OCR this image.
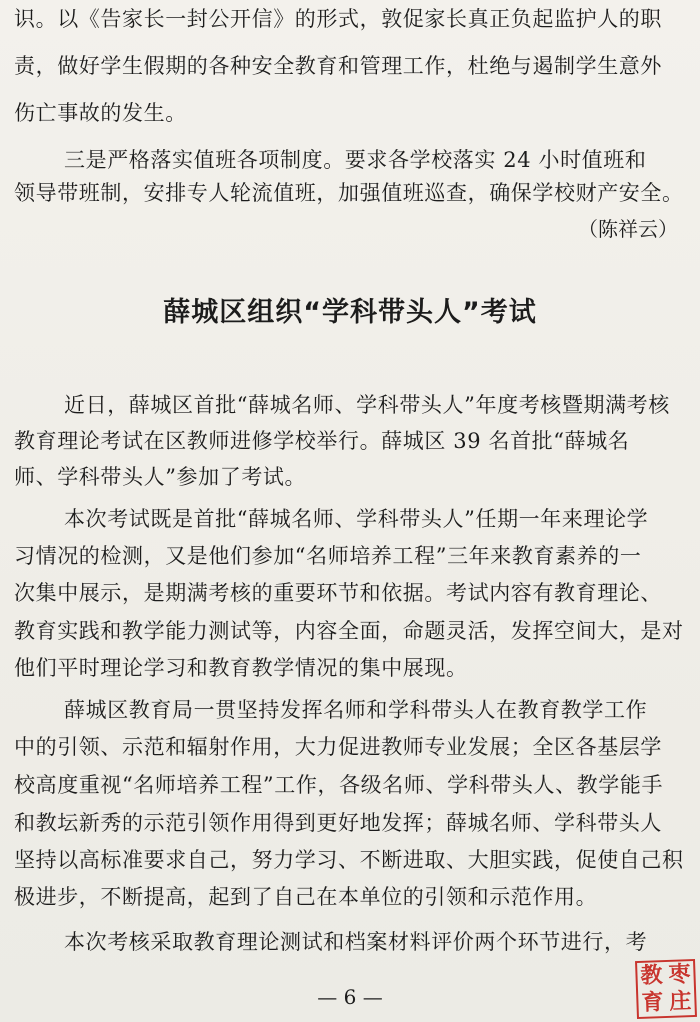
识。以《告家长一封公开信》的形式，敦促家长真正负起监护人的职
责，做好学生假期的各种安全教育和管理工作，杜绝与遏制学生意外
伤亡事故的发生。
三是严格落实值班各项制度。要求各学校落实 24 小时值班和
领导带班制，安排专人轮流值班，加强值班巡查，确保学校财产安全。
（陈祥云）
薛城区组织“学科带头人”考试
近日，薛城区首批“薛城名师、学科带头人”年度考核暨期满考核
教育理论考试在区教师进修学校举行。薛城区 39 名首批“薛城名
师、学科带头人”参加了考试。
本次考试既是首批“薛城名师、学科带头人”任期一年来理论学
习情况的检测，又是他们参加“名师培养工程”三年来教育素养的一
次集中展示，是期满考核的重要环节和依据。考试内容有教育理论、
教育实践和教学能力测试等，内容全面，命题灵活，发挥空间大，是对
他们平时理论学习和教育教学情况的集中展现。
薛城区教育局一贯坚持发挥名师和学科带头人在教育教学工作
中的引领、示范和辐射作用，大力促进教师专业发展；全区各基层学
校高度重视“名师培养工程”工作，各级名师、学科带头人、教学能手
和教坛新秀的示范引领作用得到更好地发挥；薛城名师、学科带头人
坚持以高标准要求自己，努力学习、不断进取、大胆实践，促使自己积
极进步，不断提高，起到了自己在本单位的引领和示范作用。
本次考核采取教育理论测试和档案材料评价两个环节进行，考
— 6 —
教 枣
育 庄
